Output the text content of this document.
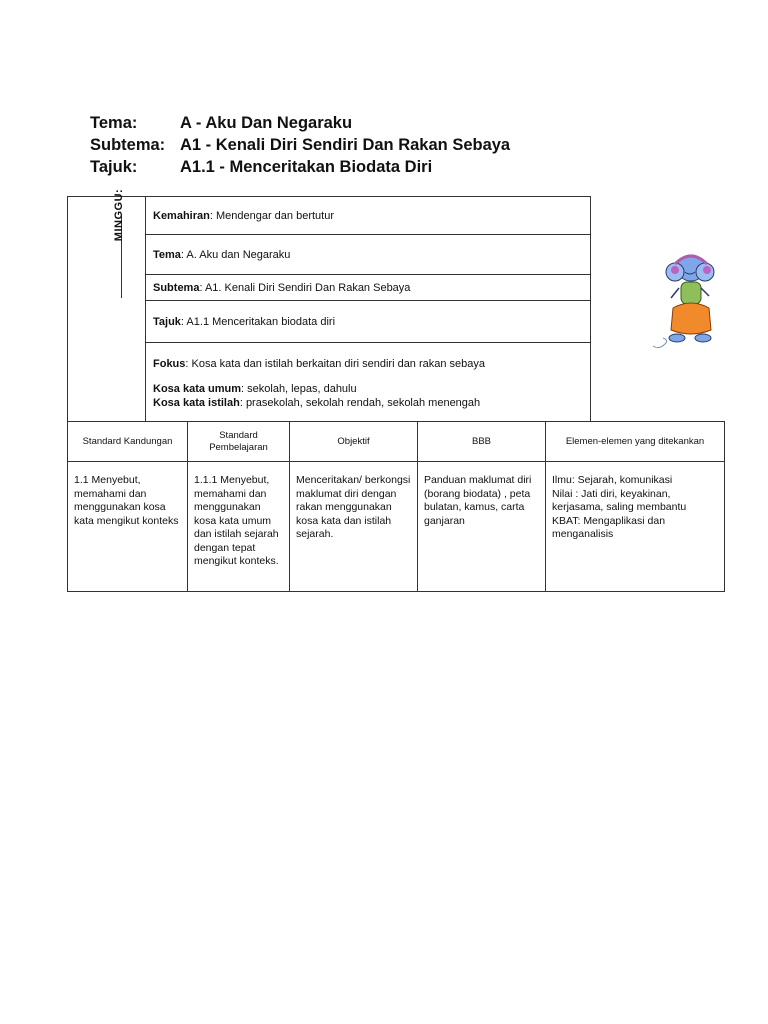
Tema:	A - Aku Dan Negaraku
Subtema: A1 - Kenali Diri Sendiri Dan Rakan Sebaya
Tajuk:	A1.1 - Menceritakan Biodata Diri
Kemahiran : Mendengar dan bertutur
Tema : A. Aku dan Negaraku
Subtema : A1. Kenali Diri Sendiri Dan Rakan Sebaya
Tajuk : A1.1 Menceritakan biodata diri
Fokus: Kosa kata dan istilah berkaitan diri sendiri dan rakan sebaya
Kosa kata umum: sekolah, lepas, dahulu
Kosa kata istilah: prasekolah, sekolah rendah, sekolah menengah
MINGGU:
Standard Kandungan	Standard Pembelajaran	Objektif	BBB	Elemen-elemen yang ditekankan
1.1 Menyebut, memahami dan menggunakan kosa kata mengikut konteks	1.1.1 Menyebut, memahami dan menggunakan kosa kata umum dan istilah sejarah dengan tepat mengikut konteks.	Menceritakan/ berkongsi maklumat diri dengan rakan menggunakan kosa kata dan istilah sejarah.	Panduan maklumat diri (borang biodata) , peta bulatan, kamus, carta ganjaran	Ilmu: Sejarah, komunikasi
Nilai : Jati diri, keyakinan, kerjasama, saling membantu
KBAT: Mengaplikasi dan menganalisis
